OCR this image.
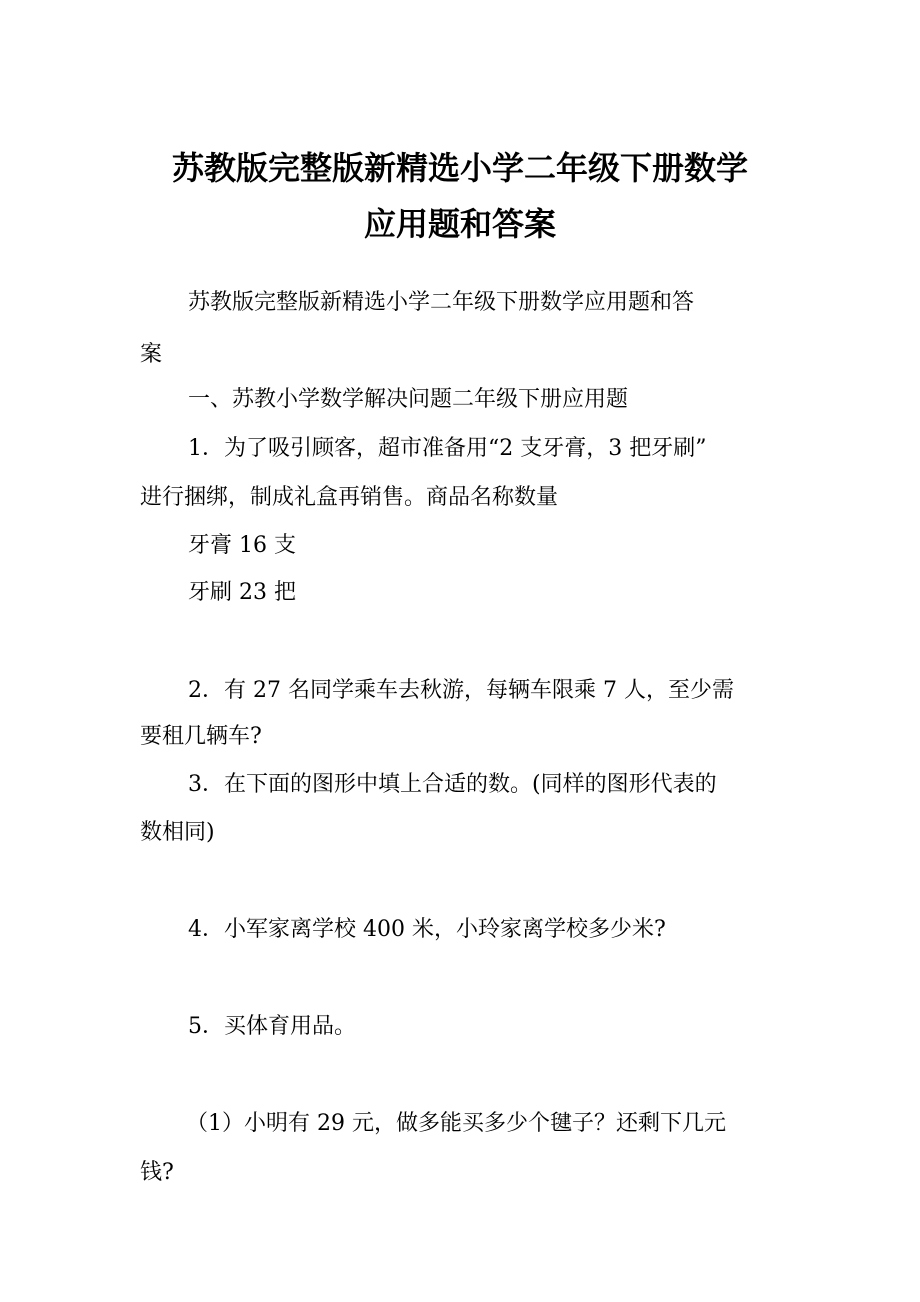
苏教版完整版新精选小学二年级下册数学
应用题和答案
苏教版完整版新精选小学二年级下册数学应用题和答
案
一、苏教小学数学解决问题二年级下册应用题
1．为了吸引顾客，超市准备用“2 支牙膏，3 把牙刷”
进行捆绑，制成礼盒再销售。商品名称数量
牙膏 16 支
牙刷 23 把
2．有 27 名同学乘车去秋游，每辆车限乘 7 人，至少需
要租几辆车?
3．在下面的图形中填上合适的数。(同样的图形代表的
数相同)
4．小军家离学校 400 米，小玲家离学校多少米?
5．买体育用品。
（1）小明有 29 元，做多能买多少个毽子？还剩下几元
钱?
